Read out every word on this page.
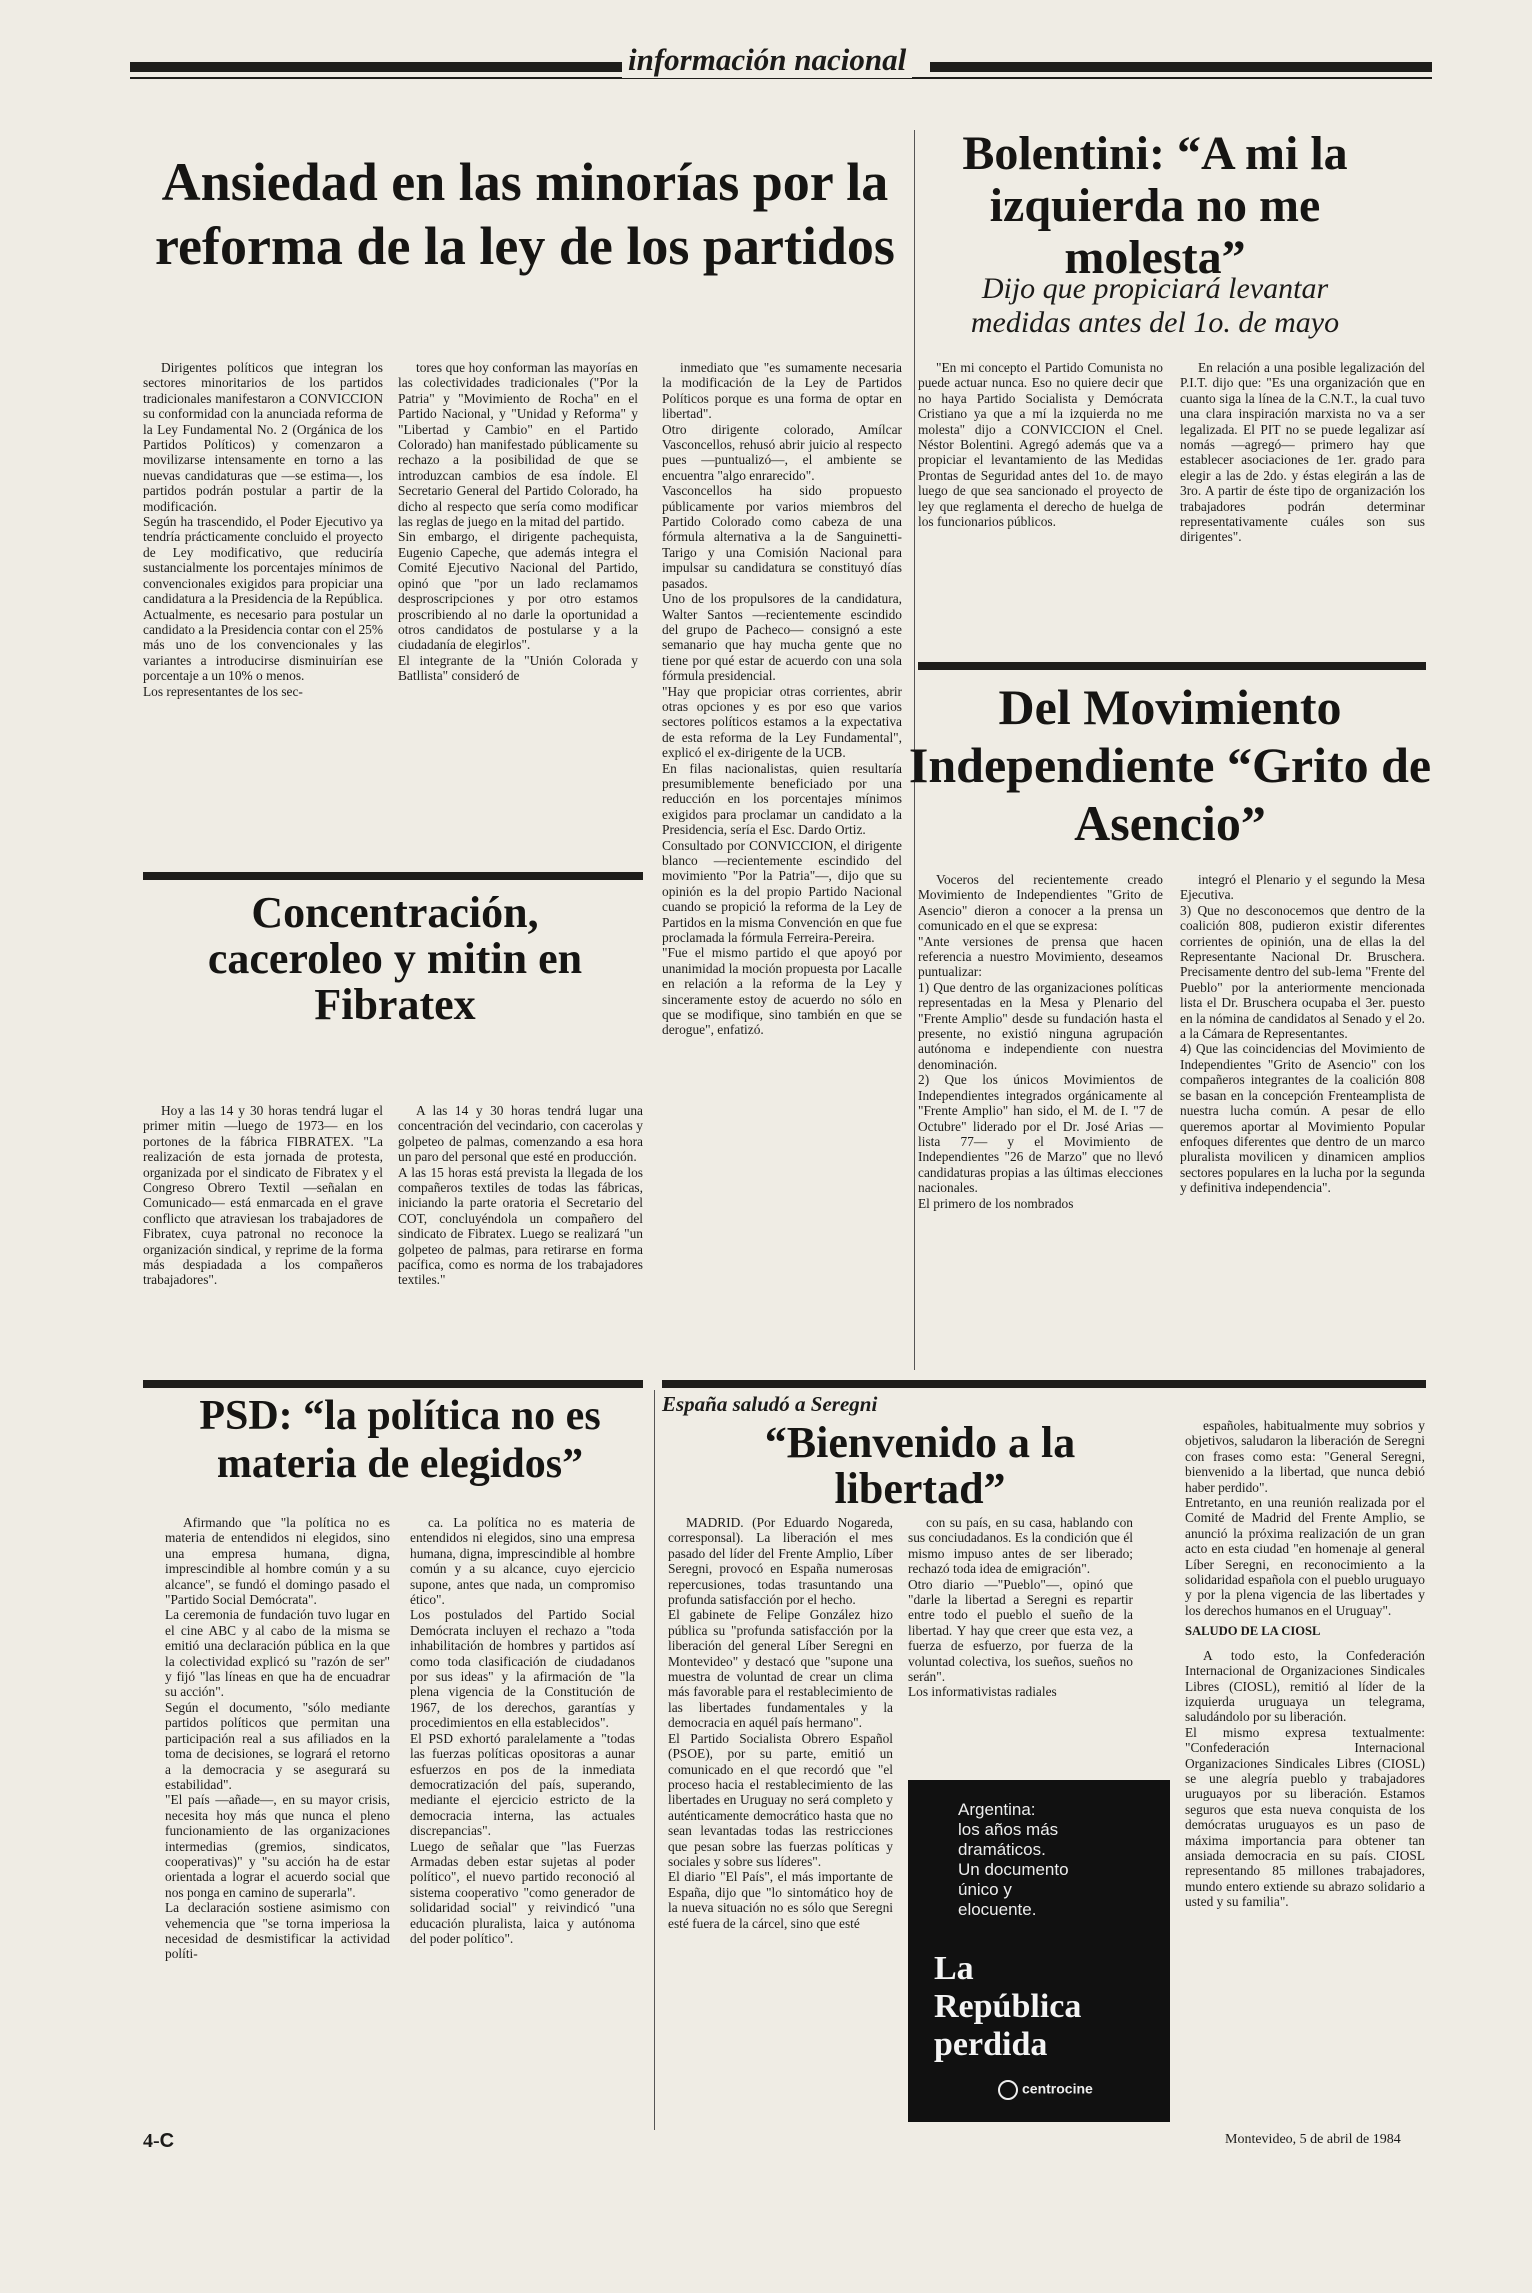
información nacional
Ansiedad en las minorías por la reforma de la ley de los partidos

Dirigentes políticos que integran los sectores minoritarios de los partidos tradicionales manifestaron a CONVICCION su conformidad con la anunciada reforma de la Ley Fundamental No. 2 (Orgánica de los Partidos Políticos) y comenzaron a movilizarse intensamente en torno a las nuevas candidaturas que —se estima—, los partidos podrán postular a partir de la modificación.
Según ha trascendido, el Poder Ejecutivo ya tendría prácticamente concluido el proyecto de Ley modificativo, que reduciría sustancialmente los porcentajes mínimos de convencionales exigidos para propiciar una candidatura a la Presidencia de la República. Actualmente, es necesario para postular un candidato a la Presidencia contar con el 25% más uno de los convencionales y las variantes a introducirse disminuirían ese porcentaje a un 10% o menos.
Los representantes de los sec-

tores que hoy conforman las mayorías en las colectividades tradicionales ("Por la Patria" y "Movimiento de Rocha" en el Partido Nacional, y "Unidad y Reforma" y "Libertad y Cambio" en el Partido Colorado) han manifestado públicamente su rechazo a la posibilidad de que se introduzcan cambios de esa índole. El Secretario General del Partido Colorado, ha dicho al respecto que sería como modificar las reglas de juego en la mitad del partido.
Sin embargo, el dirigente pachequista, Eugenio Capeche, que además integra el Comité Ejecutivo Nacional del Partido, opinó que "por un lado reclamamos desproscripciones y por otro estamos proscribiendo al no darle la oportunidad a otros candidatos de postularse y a la ciudadanía de elegirlos".
El integrante de la "Unión Colorada y Batllista" consideró de

inmediato que "es sumamente necesaria la modificación de la Ley de Partidos Políticos porque es una forma de optar en libertad".
Otro dirigente colorado, Amílcar Vasconcellos, rehusó abrir juicio al respecto pues —puntualizó—, el ambiente se encuentra "algo enrarecido".
Vasconcellos ha sido propuesto públicamente por varios miembros del Partido Colorado como cabeza de una fórmula alternativa a la de Sanguinetti-Tarigo y una Comisión Nacional para impulsar su candidatura se constituyó días pasados.
Uno de los propulsores de la candidatura, Walter Santos —recientemente escindido del grupo de Pacheco— consignó a este semanario que hay mucha gente que no tiene por qué estar de acuerdo con una sola fórmula presidencial.
"Hay que propiciar otras corrientes, abrir otras opciones y es por eso que varios sectores políticos estamos a la expectativa de esta reforma de la Ley Fundamental", explicó el ex-dirigente de la UCB.
En filas nacionalistas, quien resultaría presumiblemente beneficiado por una reducción en los porcentajes mínimos exigidos para proclamar un candidato a la Presidencia, sería el Esc. Dardo Ortiz.
Consultado por CONVICCION, el dirigente blanco —recientemente escindido del movimiento "Por la Patria"—, dijo que su opinión es la del propio Partido Nacional cuando se propició la reforma de la Ley de Partidos en la misma Convención en que fue proclamada la fórmula Ferreira-Pereira.
"Fue el mismo partido el que apoyó por unanimidad la moción propuesta por Lacalle en relación a la reforma de la Ley y sinceramente estoy de acuerdo no sólo en que se modifique, sino también en que se derogue", enfatizó.

Bolentini: “A mi la izquierda no me molesta”
Dijo que propiciará levantar medidas antes del 1o. de mayo

"En mi concepto el Partido Comunista no puede actuar nunca. Eso no quiere decir que no haya Partido Socialista y Demócrata Cristiano ya que a mí la izquierda no me molesta" dijo a CONVICCION el Cnel. Néstor Bolentini. Agregó además que va a propiciar el levantamiento de las Medidas Prontas de Seguridad antes del 1o. de mayo luego de que sea sancionado el proyecto de ley que reglamenta el derecho de huelga de los funcionarios públicos.

En relación a una posible legalización del P.I.T. dijo que: "Es una organización que en cuanto siga la línea de la C.N.T., la cual tuvo una clara inspiración marxista no va a ser legalizada. El PIT no se puede legalizar así nomás —agregó— primero hay que establecer asociaciones de 1er. grado para elegir a las de 2do. y éstas elegirán a las de 3ro. A partir de éste tipo de organización los trabajadores podrán determinar representativamente cuáles son sus dirigentes".

Concentración, caceroleo y mitin en Fibratex

Hoy a las 14 y 30 horas tendrá lugar el primer mitin —luego de 1973— en los portones de la fábrica FIBRATEX. "La realización de esta jornada de protesta, organizada por el sindicato de Fibratex y el Congreso Obrero Textil —señalan en Comunicado— está enmarcada en el grave conflicto que atraviesan los trabajadores de Fibratex, cuya patronal no reconoce la organización sindical, y reprime de la forma más despiadada a los compañeros trabajadores".

A las 14 y 30 horas tendrá lugar una concentración del vecindario, con cacerolas y golpeteo de palmas, comenzando a esa hora un paro del personal que esté en producción.
A las 15 horas está prevista la llegada de los compañeros textiles de todas las fábricas, iniciando la parte oratoria el Secretario del COT, concluyéndola un compañero del sindicato de Fibratex. Luego se realizará "un golpeteo de palmas, para retirarse en forma pacífica, como es norma de los trabajadores textiles."

Del Movimiento Independiente “Grito de Asencio”

Voceros del recientemente creado Movimiento de Independientes "Grito de Asencio" dieron a conocer a la prensa un comunicado en el que se expresa:
"Ante versiones de prensa que hacen referencia a nuestro Movimiento, deseamos puntualizar:
1) Que dentro de las organizaciones políticas representadas en la Mesa y Plenario del "Frente Amplio" desde su fundación hasta el presente, no existió ninguna agrupación autónoma e independiente con nuestra denominación.
2) Que los únicos Movimientos de Independientes integrados orgánicamente al "Frente Amplio" han sido, el M. de I. "7 de Octubre" liderado por el Dr. José Arias —lista 77— y el Movimiento de Independientes "26 de Marzo" que no llevó candidaturas propias a las últimas elecciones nacionales.
El primero de los nombrados

integró el Plenario y el segundo la Mesa Ejecutiva.
3) Que no desconocemos que dentro de la coalición 808, pudieron existir diferentes corrientes de opinión, una de ellas la del Representante Nacional Dr. Bruschera. Precisamente dentro del sub-lema "Frente del Pueblo" por la anteriormente mencionada lista el Dr. Bruschera ocupaba el 3er. puesto en la nómina de candidatos al Senado y el 2o. a la Cámara de Representantes.
4) Que las coincidencias del Movimiento de Independientes "Grito de Asencio" con los compañeros integrantes de la coalición 808 se basan en la concepción Frenteamplista de nuestra lucha común. A pesar de ello queremos aportar al Movimiento Popular enfoques diferentes que dentro de un marco pluralista movilicen y dinamicen amplios sectores populares en la lucha por la segunda y definitiva independencia".

PSD: “la política no es materia de elegidos”

Afirmando que "la política no es materia de entendidos ni elegidos, sino una empresa humana, digna, imprescindible al hombre común y a su alcance", se fundó el domingo pasado el "Partido Social Demócrata".
La ceremonia de fundación tuvo lugar en el cine ABC y al cabo de la misma se emitió una declaración pública en la que la colectividad explicó su "razón de ser" y fijó "las líneas en que ha de encuadrar su acción".
Según el documento, "sólo mediante partidos políticos que permitan una participación real a sus afiliados en la toma de decisiones, se logrará el retorno a la democracia y se asegurará su estabilidad".
"El país —añade—, en su mayor crisis, necesita hoy más que nunca el pleno funcionamiento de las organizaciones intermedias (gremios, sindicatos, cooperativas)" y "su acción ha de estar orientada a lograr el acuerdo social que nos ponga en camino de superarla".
La declaración sostiene asimismo con vehemencia que "se torna imperiosa la necesidad de desmistificar la actividad políti-

ca. La política no es materia de entendidos ni elegidos, sino una empresa humana, digna, imprescindible al hombre común y a su alcance, cuyo ejercicio supone, antes que nada, un compromiso ético".
Los postulados del Partido Social Demócrata incluyen el rechazo a "toda inhabilitación de hombres y partidos así como toda clasificación de ciudadanos por sus ideas" y la afirmación de "la plena vigencia de la Constitución de 1967, de los derechos, garantías y procedimientos en ella establecidos".
El PSD exhortó paralelamente a "todas las fuerzas políticas opositoras a aunar esfuerzos en pos de la inmediata democratización del país, superando, mediante el ejercicio estricto de la democracia interna, las actuales discrepancias".
Luego de señalar que "las Fuerzas Armadas deben estar sujetas al poder político", el nuevo partido reconoció al sistema cooperativo "como generador de solidaridad social" y reivindicó "una educación pluralista, laica y autónoma del poder político".

España saludó a Seregni
“Bienvenido a la libertad”

MADRID. (Por Eduardo Nogareda, corresponsal). La liberación el mes pasado del líder del Frente Amplio, Líber Seregni, provocó en España numerosas repercusiones, todas trasuntando una profunda satisfacción por el hecho.
El gabinete de Felipe González hizo pública su "profunda satisfacción por la liberación del general Líber Seregni en Montevideo" y destacó que "supone una muestra de voluntad de crear un clima más favorable para el restablecimiento de las libertades fundamentales y la democracia en aquél país hermano".
El Partido Socialista Obrero Español (PSOE), por su parte, emitió un comunicado en el que recordó que "el proceso hacia el restablecimiento de las libertades en Uruguay no será completo y auténticamente democrático hasta que no sean levantadas todas las restricciones que pesan sobre las fuerzas políticas y sociales y sobre sus líderes".
El diario "El País", el más importante de España, dijo que "lo sintomático hoy de la nueva situación no es sólo que Seregni esté fuera de la cárcel, sino que esté

con su país, en su casa, hablando con sus conciudadanos. Es la condición que él mismo impuso antes de ser liberado; rechazó toda idea de emigración".
Otro diario —"Pueblo"—, opinó que "darle la libertad a Seregni es repartir entre todo el pueblo el sueño de la libertad. Y hay que creer que esta vez, a fuerza de esfuerzo, por fuerza de la voluntad colectiva, los sueños, sueños no serán".
Los informativistas radiales

españoles, habitualmente muy sobrios y objetivos, saludaron la liberación de Seregni con frases como esta: "General Seregni, bienvenido a la libertad, que nunca debió haber perdido".
Entretanto, en una reunión realizada por el Comité de Madrid del Frente Amplio, se anunció la próxima realización de un gran acto en esta ciudad "en homenaje al general Líber Seregni, en reconocimiento a la solidaridad española con el pueblo uruguayo y por la plena vigencia de las libertades y los derechos humanos en el Uruguay".

SALUDO DE LA CIOSL

A todo esto, la Confederación Internacional de Organizaciones Sindicales Libres (CIOSL), remitió al líder de la izquierda uruguaya un telegrama, saludándolo por su liberación.
El mismo expresa textualmente: "Confederación Internacional Organizaciones Sindicales Libres (CIOSL) se une alegría pueblo y trabajadores uruguayos por su liberación. Estamos seguros que esta nueva conquista de los demócratas uruguayos es un paso de máxima importancia para obtener tan ansiada democracia en su país. CIOSL representando 85 millones trabajadores, mundo entero extiende su abrazo solidario a usted y su familia".

Argentina:
los años más
dramáticos.
Un documento
único y
elocuente.
La
República
perdida
centrocine
4-C	Montevideo, 5 de abril de 1984
